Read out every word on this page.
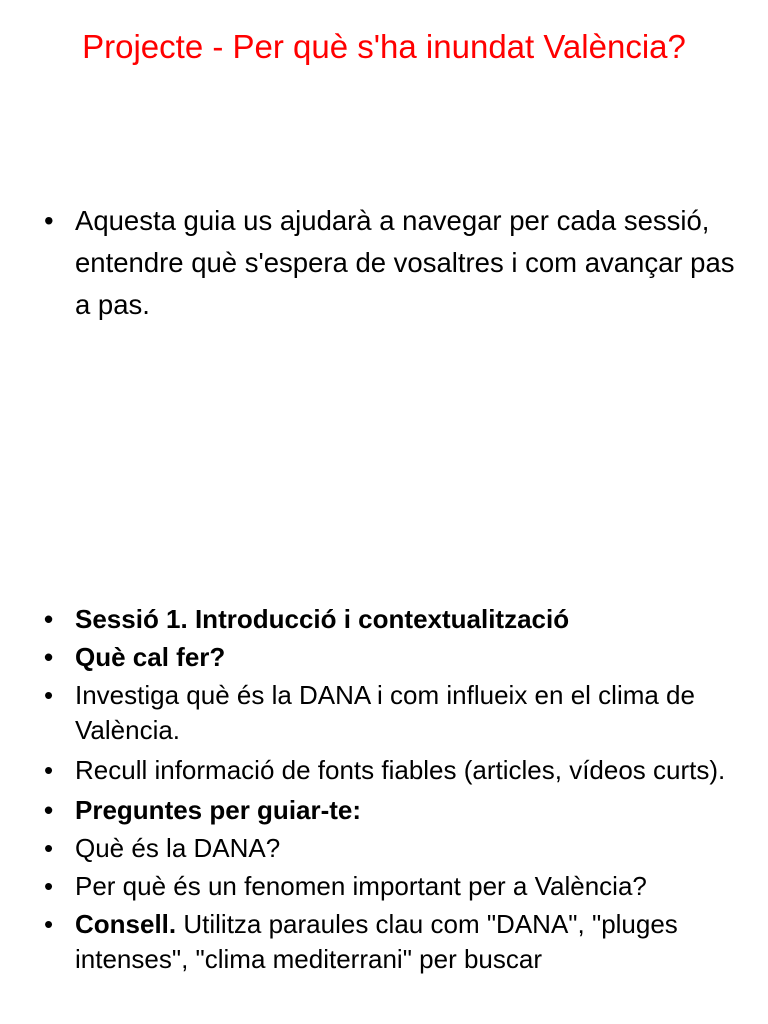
Projecte - Per què s'ha inundat València?
• Aquesta guia us ajudarà a navegar per cada sessió, entendre què s'espera de vosaltres i com avançar pas a pas.
• Sessió 1. Introducció i contextualització
• Què cal fer?
• Investiga què és la DANA i com influeix en el clima de València.
• Recull informació de fonts fiables (articles, vídeos curts).
• Preguntes per guiar-te:
• Què és la DANA?
• Per què és un fenomen important per a València?
• Consell. Utilitza paraules clau com "DANA", "pluges intenses", "clima mediterrani" per buscar
